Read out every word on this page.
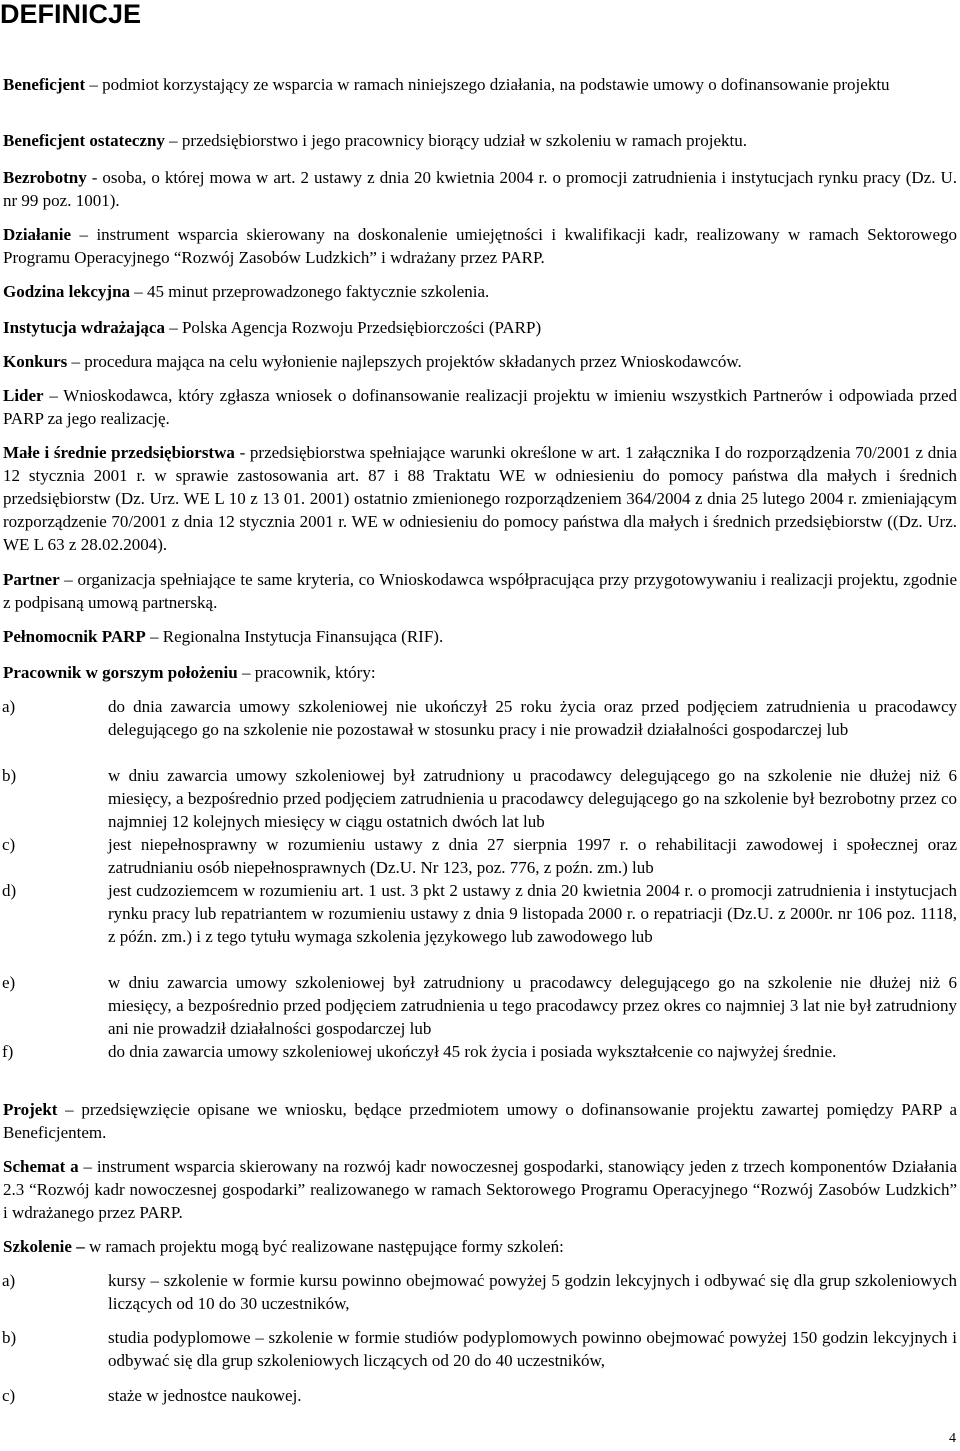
DEFINICJE
Beneficjent – podmiot korzystający ze wsparcia w ramach niniejszego działania, na podstawie umowy o dofinansowanie projektu
Beneficjent ostateczny – przedsiębiorstwo i jego pracownicy biorący udział w szkoleniu w ramach projektu.
Bezrobotny - osoba, o której mowa w art. 2 ustawy z dnia 20 kwietnia 2004 r. o promocji zatrudnienia i instytucjach rynku pracy (Dz. U. nr 99 poz. 1001).
Działanie – instrument wsparcia skierowany na doskonalenie umiejętności i kwalifikacji kadr, realizowany w ramach Sektorowego Programu Operacyjnego “Rozwój Zasobów Ludzkich” i wdrażany przez PARP.
Godzina lekcyjna – 45 minut przeprowadzonego faktycznie szkolenia.
Instytucja wdrażająca – Polska Agencja Rozwoju Przedsiębiorczości (PARP)
Konkurs – procedura mająca na celu wyłonienie najlepszych projektów składanych przez Wnioskodawców.
Lider – Wnioskodawca, który zgłasza wniosek o dofinansowanie realizacji projektu w imieniu wszystkich Partnerów i odpowiada przed PARP za jego realizację.
Małe i średnie przedsiębiorstwa - przedsiębiorstwa spełniające warunki określone w art. 1 załącznika I do rozporządzenia 70/2001 z dnia 12 stycznia 2001 r. w sprawie zastosowania art. 87 i 88 Traktatu WE w odniesieniu do pomocy państwa dla małych i średnich przedsiębiorstw (Dz. Urz. WE L 10 z 13 01. 2001) ostatnio zmienionego rozporządzeniem 364/2004 z dnia 25 lutego 2004 r. zmieniającym rozporządzenie 70/2001 z dnia 12 stycznia 2001 r. WE w odniesieniu do pomocy państwa dla małych i średnich przedsiębiorstw ((Dz. Urz. WE L 63 z 28.02.2004).
Partner – organizacja spełniające te same kryteria, co Wnioskodawca współpracująca przy przygotowywaniu i realizacji projektu, zgodnie z podpisaną umową partnerską.
Pełnomocnik PARP – Regionalna Instytucja Finansująca (RIF).
Pracownik w gorszym położeniu – pracownik, który:
a)	do dnia zawarcia umowy szkoleniowej nie ukończył 25 roku życia oraz przed podjęciem zatrudnienia u pracodawcy delegującego go na szkolenie nie pozostawał w stosunku pracy i nie prowadził działalności gospodarczej lub
b)	w dniu zawarcia umowy szkoleniowej był zatrudniony u pracodawcy delegującego go na szkolenie nie dłużej niż 6 miesięcy, a bezpośrednio przed podjęciem zatrudnienia u pracodawcy delegującego go na szkolenie był bezrobotny przez co najmniej 12 kolejnych miesięcy w ciągu ostatnich dwóch lat lub
c)	jest niepełnosprawny w rozumieniu ustawy z dnia 27 sierpnia 1997 r. o rehabilitacji zawodowej i społecznej oraz zatrudnianiu osób niepełnosprawnych (Dz.U. Nr 123, poz. 776, z poźn. zm.) lub
d)	jest cudzoziemcem w rozumieniu art. 1 ust. 3 pkt 2 ustawy z dnia 20 kwietnia 2004 r. o promocji zatrudnienia i instytucjach rynku pracy lub repatriantem w rozumieniu ustawy z dnia 9 listopada 2000 r. o repatriacji (Dz.U. z 2000r. nr 106 poz. 1118, z późn. zm.) i z tego tytułu wymaga szkolenia językowego lub zawodowego lub
e)	w dniu zawarcia umowy szkoleniowej był zatrudniony u pracodawcy delegującego go na szkolenie nie dłużej niż 6 miesięcy, a bezpośrednio przed podjęciem zatrudnienia u tego pracodawcy przez okres co najmniej 3 lat nie był zatrudniony ani nie prowadził działalności gospodarczej lub
f)	do dnia zawarcia umowy szkoleniowej ukończył 45 rok życia i posiada wykształcenie co najwyżej średnie.
Projekt – przedsięwzięcie opisane we wniosku, będące przedmiotem umowy o dofinansowanie projektu zawartej pomiędzy PARP a Beneficjentem.
Schemat a – instrument wsparcia skierowany na rozwój kadr nowoczesnej gospodarki, stanowiący jeden z trzech komponentów Działania 2.3 “Rozwój kadr nowoczesnej gospodarki” realizowanego w ramach Sektorowego Programu Operacyjnego “Rozwój Zasobów Ludzkich” i wdrażanego przez PARP.
Szkolenie – w ramach projektu mogą być realizowane następujące formy szkoleń:
a)	kursy – szkolenie w formie kursu powinno obejmować powyżej 5 godzin lekcyjnych i odbywać się dla grup szkoleniowych liczących od 10 do 30 uczestników,
b)	studia podyplomowe – szkolenie w formie studiów podyplomowych powinno obejmować powyżej 150 godzin lekcyjnych i odbywać się dla grup szkoleniowych liczących od 20 do 40 uczestników,
c)	staże w jednostce naukowej.
4
